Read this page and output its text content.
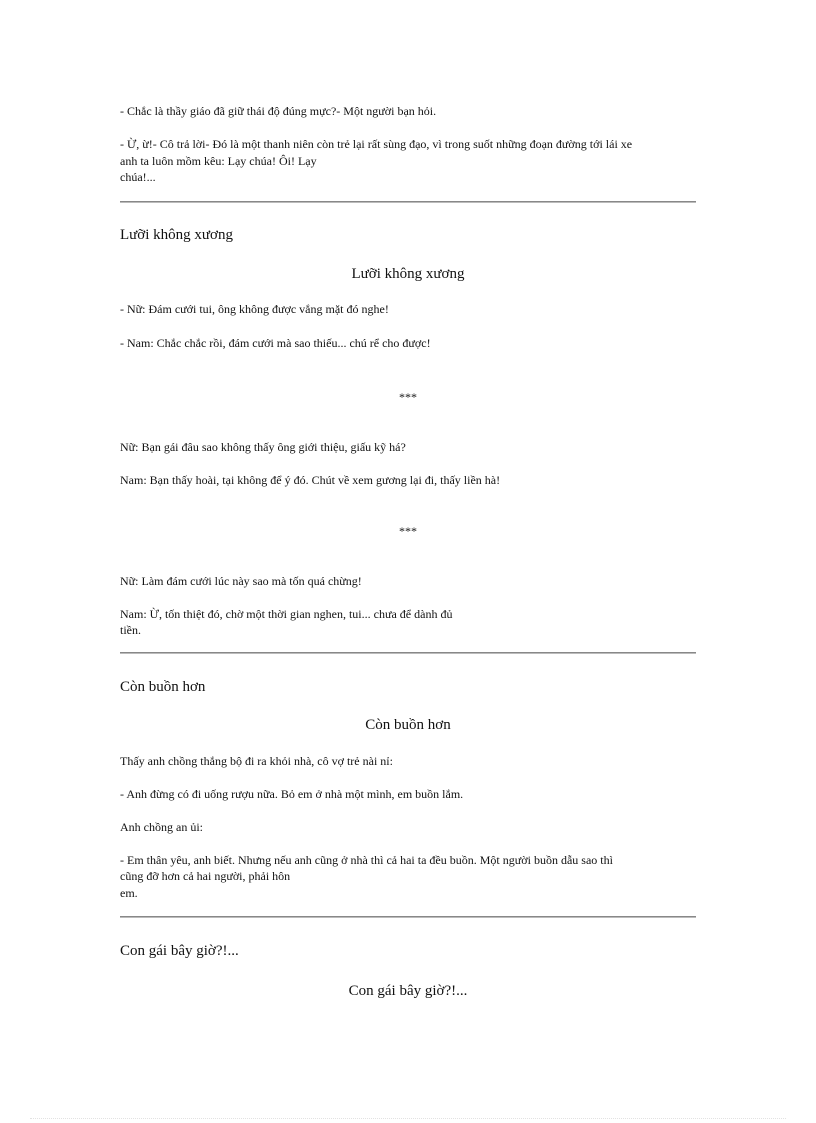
- Chắc là thầy giáo đã giữ thái độ đúng mực?- Một người bạn hỏi.
- Ừ, ừ!- Cô trả lời- Đó là một thanh niên còn trẻ lại rất sùng đạo, vì trong suốt những đoạn đường tới lái xe
anh ta luôn mồm kêu: Lạy chúa! Ôi! Lạy
chúa!...
Lưỡi không xương
Lưỡi không xương
- Nữ: Đám cưới tui, ông không được vắng mặt đó nghe!
- Nam: Chắc chắc rồi, đám cưới mà sao thiếu... chú rể cho được!
***
Nữ: Bạn gái đâu sao không thấy ông giới thiệu, giấu kỹ há?
Nam: Bạn thấy hoài, tại không để ý đó. Chút về xem gương lại đi, thấy liền hà!
***
Nữ: Làm đám cưới lúc này sao mà tốn quá chừng!
Nam: Ừ, tốn thiệt đó, chờ một thời gian nghen, tui... chưa để dành đủ
tiền.
Còn buồn hơn
Còn buồn hơn
Thấy anh chồng thắng bộ đi ra khỏi nhà, cô vợ trẻ nài nỉ:
- Anh đừng có đi uống rượu nữa. Bỏ em ở nhà một mình, em buồn lắm.
Anh chồng an ủi:
- Em thân yêu, anh biết. Nhưng nếu anh cũng ở nhà thì cả hai ta đều buồn. Một người buồn dẫu sao thì
cũng đỡ hơn cả hai người, phải hôn
em.
Con gái bây giờ?!...
Con gái bây giờ?!...
